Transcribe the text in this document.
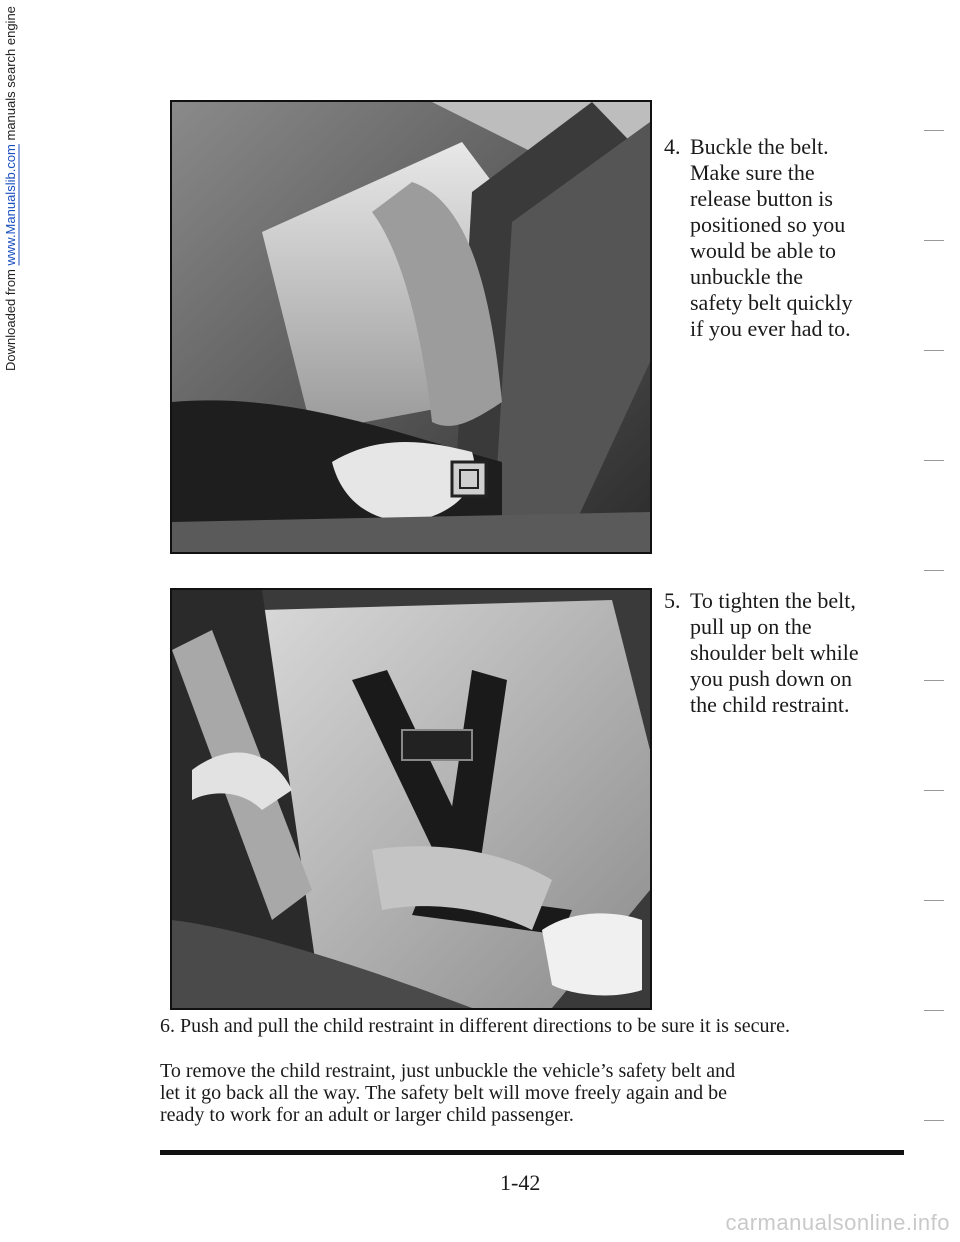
Downloaded from www.Manualslib.com manuals search engine
4. Buckle the belt.
Make sure the
release button is
positioned so you
would be able to
unbuckle the
safety belt quickly
if you ever had to.
5. To tighten the belt,
pull up on the
shoulder belt while
you push down on
the child restraint.
6. Push and pull the child restraint in different directions to be sure it is secure.
To remove the child restraint, just unbuckle the vehicle’s safety belt and
let it go back all the way. The safety belt will move freely again and be
ready to work for an adult or larger child passenger.
1-42
carmanualsonline.info
